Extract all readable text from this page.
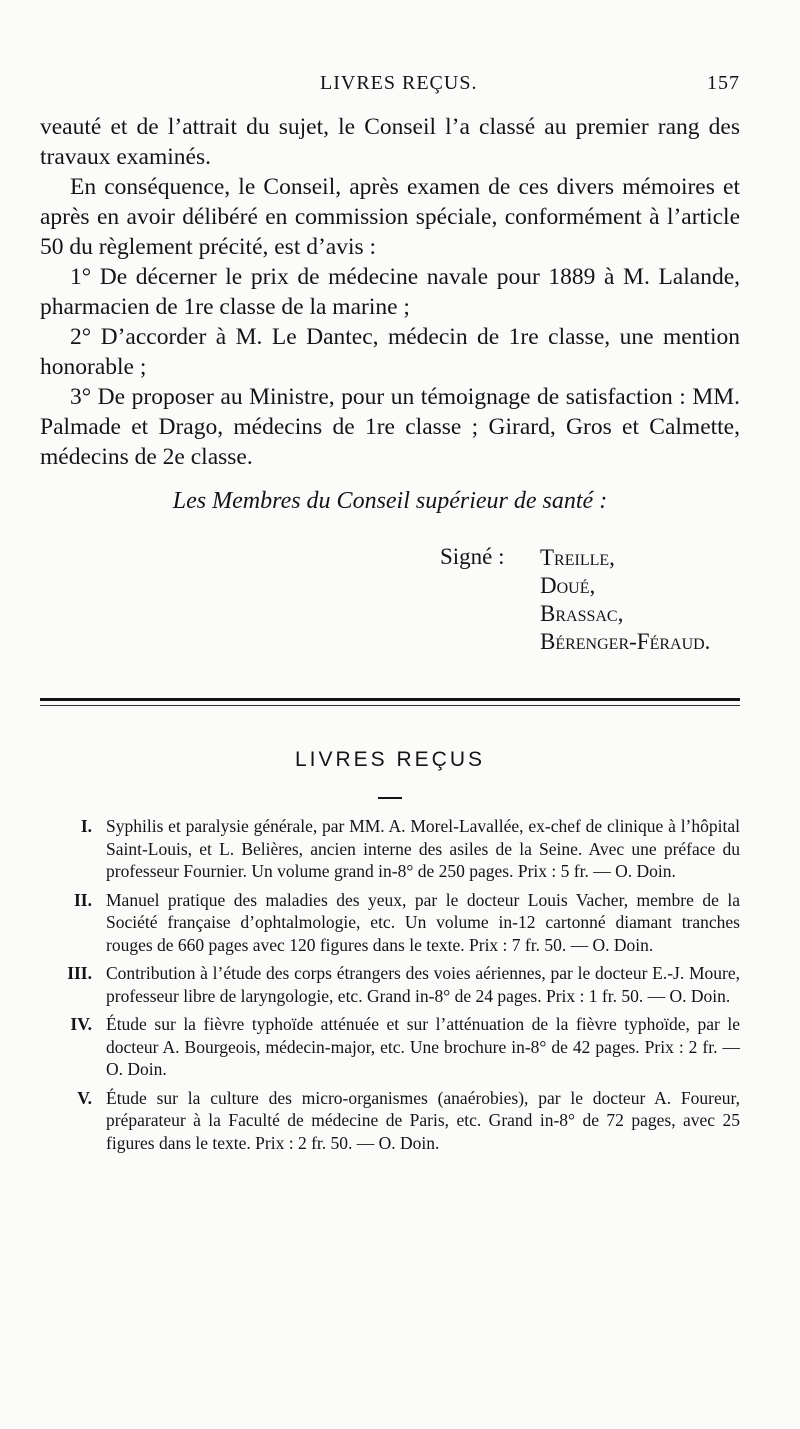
LIVRES REÇUS.	157

veauté et de l’attrait du sujet, le Conseil l’a classé au premier rang des travaux examinés.

En conséquence, le Conseil, après examen de ces divers mémoires et après en avoir délibéré en commission spéciale, conformément à l’article 50 du règlement précité, est d’avis :

1° De décerner le prix de médecine navale pour 1889 à M. Lalande, pharmacien de 1re classe de la marine ;

2° D’accorder à M. Le Dantec, médecin de 1re classe, une mention honorable ;

3° De proposer au Ministre, pour un témoignage de satisfaction : MM. Palmade et Drago, médecins de 1re classe ; Girard, Gros et Calmette, médecins de 2e classe.

Les Membres du Conseil supérieur de santé :
Signé : Treille,
Doué,
Brassac,
Bérenger-Féraud.
LIVRES REÇUS
I. Syphilis et paralysie générale, par MM. A. Morel-Lavallée, ex-chef de clinique à l’hôpital Saint-Louis, et L. Belières, ancien interne des asiles de la Seine. Avec une préface du professeur Fournier. Un volume grand in-8° de 250 pages. Prix : 5 fr. — O. Doin.
II. Manuel pratique des maladies des yeux, par le docteur Louis Vacher, membre de la Société française d’ophtalmologie, etc. Un volume in-12 cartonné diamant tranches rouges de 660 pages avec 120 figures dans le texte. Prix : 7 fr. 50. — O. Doin.
III. Contribution à l’étude des corps étrangers des voies aériennes, par le docteur E.-J. Moure, professeur libre de laryngologie, etc. Grand in-8° de 24 pages. Prix : 1 fr. 50. — O. Doin.
IV. Étude sur la fièvre typhoïde atténuée et sur l’atténuation de la fièvre typhoïde, par le docteur A. Bourgeois, médecin-major, etc. Une brochure in-8° de 42 pages. Prix : 2 fr. — O. Doin.
V. Étude sur la culture des micro-organismes (anaérobies), par le docteur A. Foureur, préparateur à la Faculté de médecine de Paris, etc. Grand in-8° de 72 pages, avec 25 figures dans le texte. Prix : 2 fr. 50. — O. Doin.
